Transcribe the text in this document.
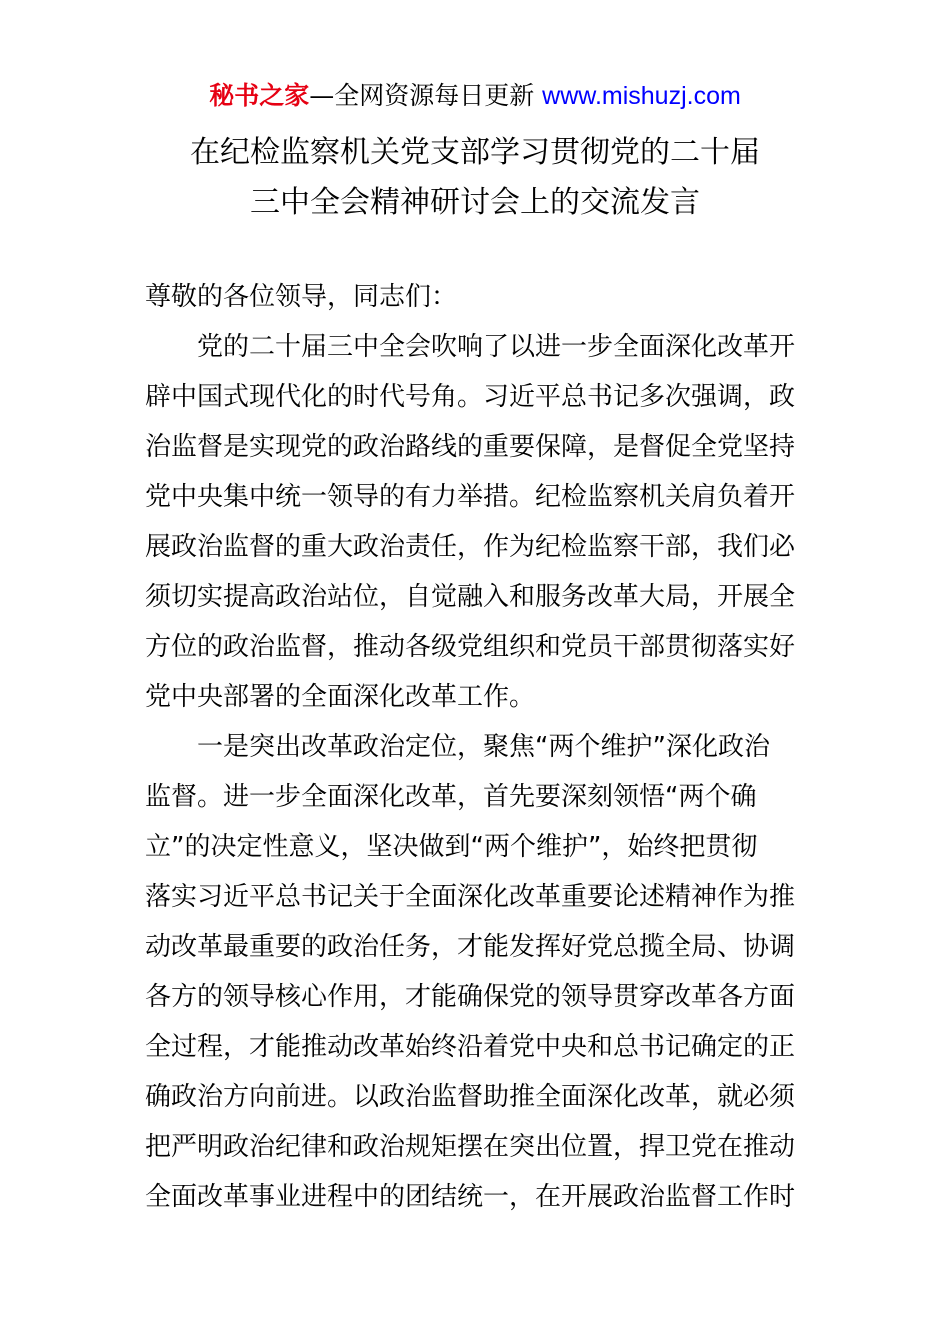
秘书之家—全网资源每日更新 www.mishuzj.com
在纪检监察机关党支部学习贯彻党的二十届
三中全会精神研讨会上的交流发言
尊敬的各位领导，同志们：
党的二十届三中全会吹响了以进一步全面深化改革开
辟中国式现代化的时代号角。习近平总书记多次强调，政
治监督是实现党的政治路线的重要保障，是督促全党坚持
党中央集中统一领导的有力举措。纪检监察机关肩负着开
展政治监督的重大政治责任，作为纪检监察干部，我们必
须切实提高政治站位，自觉融入和服务改革大局，开展全
方位的政治监督，推动各级党组织和党员干部贯彻落实好
党中央部署的全面深化改革工作。
一是突出改革政治定位，聚焦“两个维护”深化政治
监督。进一步全面深化改革，首先要深刻领悟“两个确
立”的决定性意义，坚决做到“两个维护”，始终把贯彻
落实习近平总书记关于全面深化改革重要论述精神作为推
动改革最重要的政治任务，才能发挥好党总揽全局、协调
各方的领导核心作用，才能确保党的领导贯穿改革各方面
全过程，才能推动改革始终沿着党中央和总书记确定的正
确政治方向前进。以政治监督助推全面深化改革，就必须
把严明政治纪律和政治规矩摆在突出位置，捍卫党在推动
全面改革事业进程中的团结统一，在开展政治监督工作时
